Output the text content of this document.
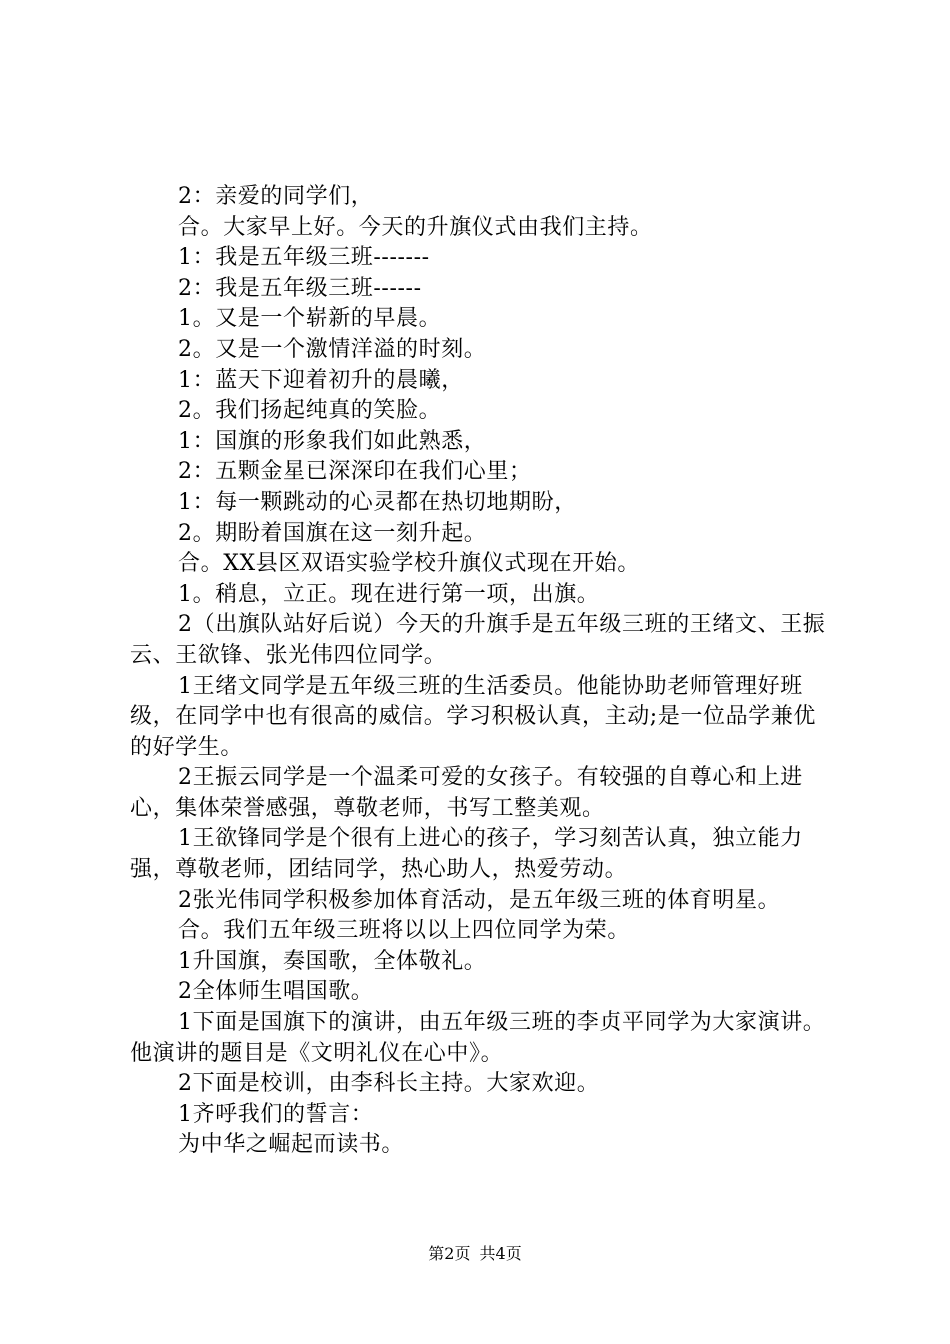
2：亲爱的同学们，

合。大家早上好。今天的升旗仪式由我们主持。

1：我是五年级三班-------

2：我是五年级三班------

1。又是一个崭新的早晨。

2。又是一个激情洋溢的时刻。

1：蓝天下迎着初升的晨曦，

2。我们扬起纯真的笑脸。

1：国旗的形象我们如此熟悉，

2：五颗金星已深深印在我们心里；

1：每一颗跳动的心灵都在热切地期盼，

2。期盼着国旗在这一刻升起。

合。XX县区双语实验学校升旗仪式现在开始。

1。稍息，立正。现在进行第一项，出旗。

2（出旗队站好后说）今天的升旗手是五年级三班的王绪文、王振云、王欲锋、张光伟四位同学。

1王绪文同学是五年级三班的生活委员。他能协助老师管理好班级，在同学中也有很高的威信。学习积极认真，主动;是一位品学兼优的好学生。

2王振云同学是一个温柔可爱的女孩子。有较强的自尊心和上进心，集体荣誉感强，尊敬老师，书写工整美观。

1王欲锋同学是个很有上进心的孩子，学习刻苦认真，独立能力强，尊敬老师，团结同学，热心助人，热爱劳动。

2张光伟同学积极参加体育活动，是五年级三班的体育明星。

合。我们五年级三班将以以上四位同学为荣。

1升国旗，奏国歌，全体敬礼。

2全体师生唱国歌。

1下面是国旗下的演讲，由五年级三班的李贞平同学为大家演讲。他演讲的题目是《文明礼仪在心中》。

2下面是校训，由李科长主持。大家欢迎。

1齐呼我们的誓言：

为中华之崛起而读书。

第2页 共4页
